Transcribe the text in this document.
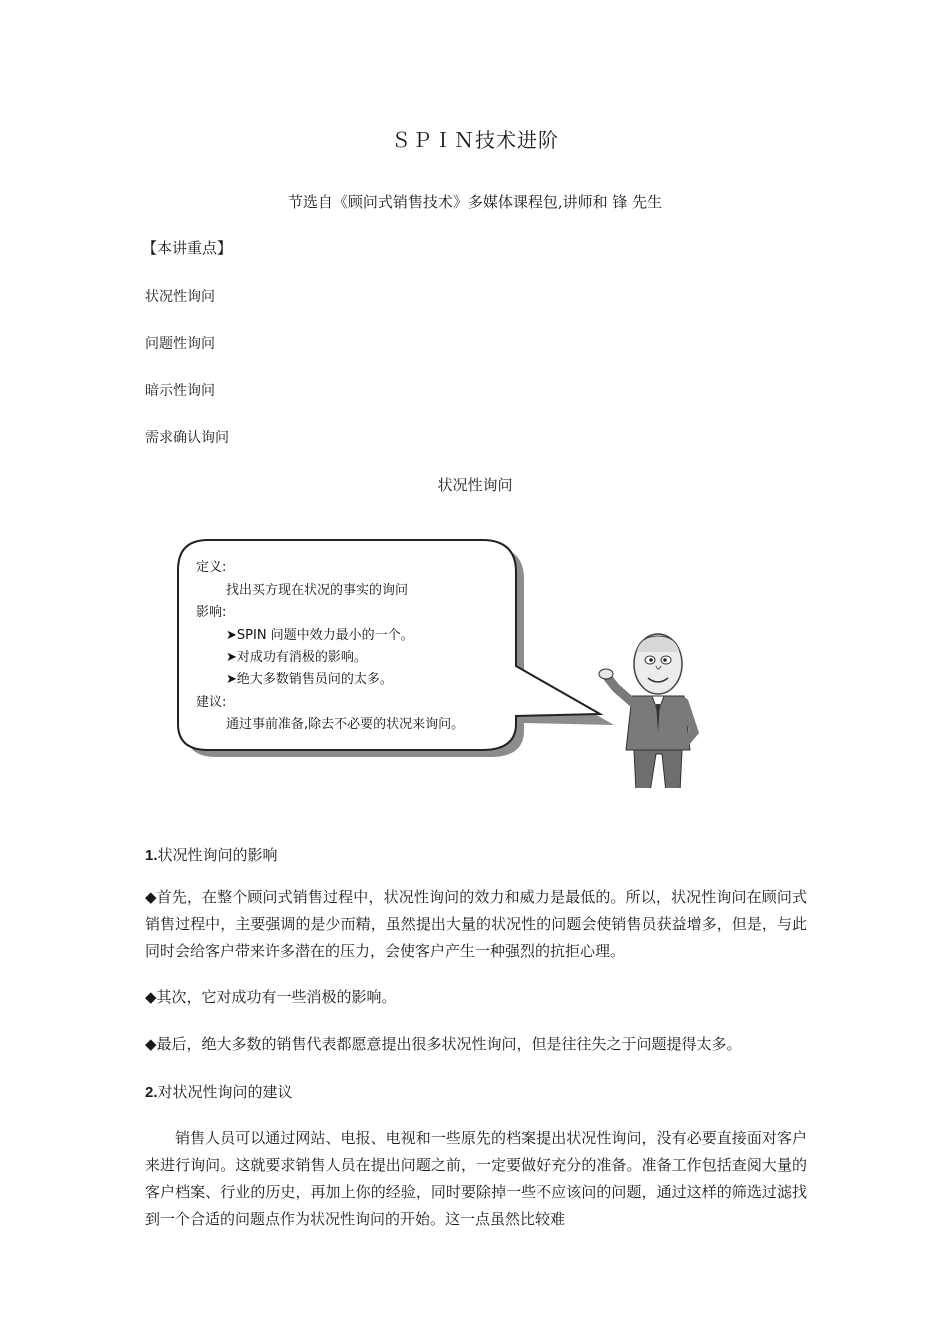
ＳＰＩＮ技术进阶
节选自《顾问式销售技术》多媒体课程包,讲师和 锋 先生
【本讲重点】
状况性询问
问题性询问
暗示性询问
需求确认询问
状况性询问
定义:
找出买方现在状况的事实的询问
影响:
➤SPIN 问题中效力最小的一个。
➤对成功有消极的影响。
➤绝大多数销售员问的太多。
建议:
通过事前准备,除去不必要的状况来询问。
1.状况性询问的影响
◆首先，在整个顾问式销售过程中，状况性询问的效力和威力是最低的。所以，状况性询问在顾问式销售过程中，主要强调的是少而精，虽然提出大量的状况性的问题会使销售员获益增多，但是，与此同时会给客户带来许多潜在的压力，会使客户产生一种强烈的抗拒心理。
◆其次，它对成功有一些消极的影响。
◆最后，绝大多数的销售代表都愿意提出很多状况性询问，但是往往失之于问题提得太多。
2.对状况性询问的建议
销售人员可以通过网站、电报、电视和一些原先的档案提出状况性询问，没有必要直接面对客户来进行询问。这就要求销售人员在提出问题之前，一定要做好充分的准备。准备工作包括查阅大量的客户档案、行业的历史，再加上你的经验，同时要除掉一些不应该问的问题，通过这样的筛选过滤找到一个合适的问题点作为状况性询问的开始。这一点虽然比较难
